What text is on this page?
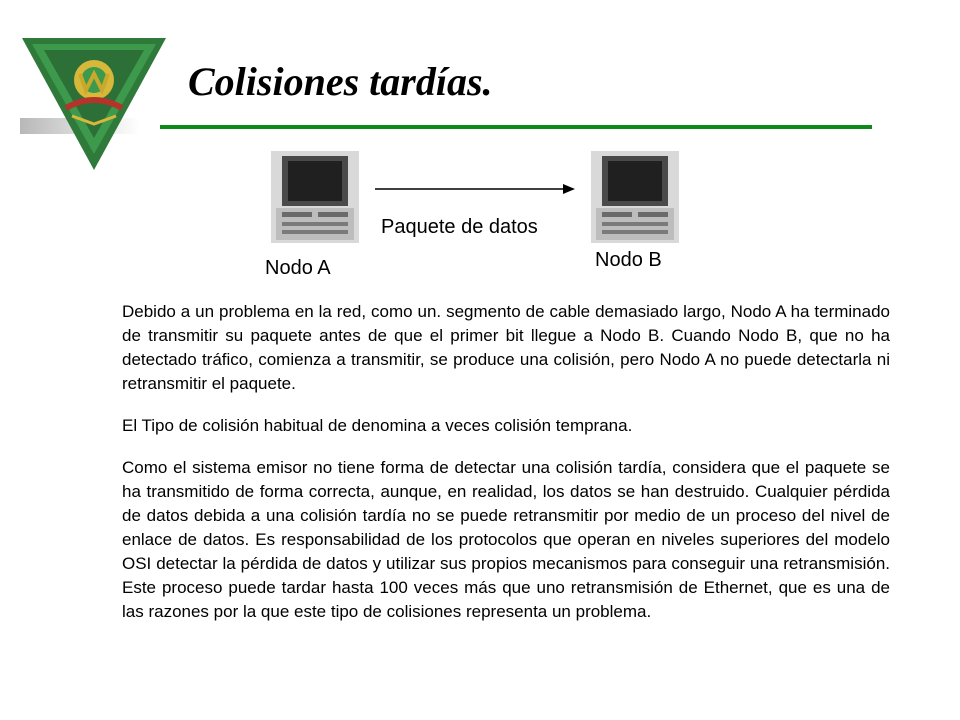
Colisiones tardías.
Paquete de datos
Nodo A	Nodo B

Debido a un problema en la red, como un. segmento de cable demasiado largo, Nodo A ha terminado de transmitir su paquete antes de que el primer bit llegue a Nodo B. Cuando Nodo B, que no ha detectado tráfico, comienza a transmitir, se produce una colisión, pero Nodo A no puede detectarla ni retransmitir el paquete.

El Tipo de colisión habitual de denomina a veces colisión temprana.

Como el sistema emisor no tiene forma de detectar una colisión tardía, considera que el paquete se ha transmitido de forma correcta, aunque, en realidad, los datos se han destruido. Cualquier pérdida de datos debida a una colisión tardía no se puede retransmitir por medio de un proceso del nivel de enlace de datos. Es responsabilidad de los protocolos que operan en niveles superiores del modelo OSI detectar la pérdida de datos y utilizar sus propios mecanismos para conseguir una retransmisión. Este proceso puede tardar hasta 100 veces más que uno retransmisión de Ethernet, que es una de las razones por la que este tipo de colisiones representa un problema.
